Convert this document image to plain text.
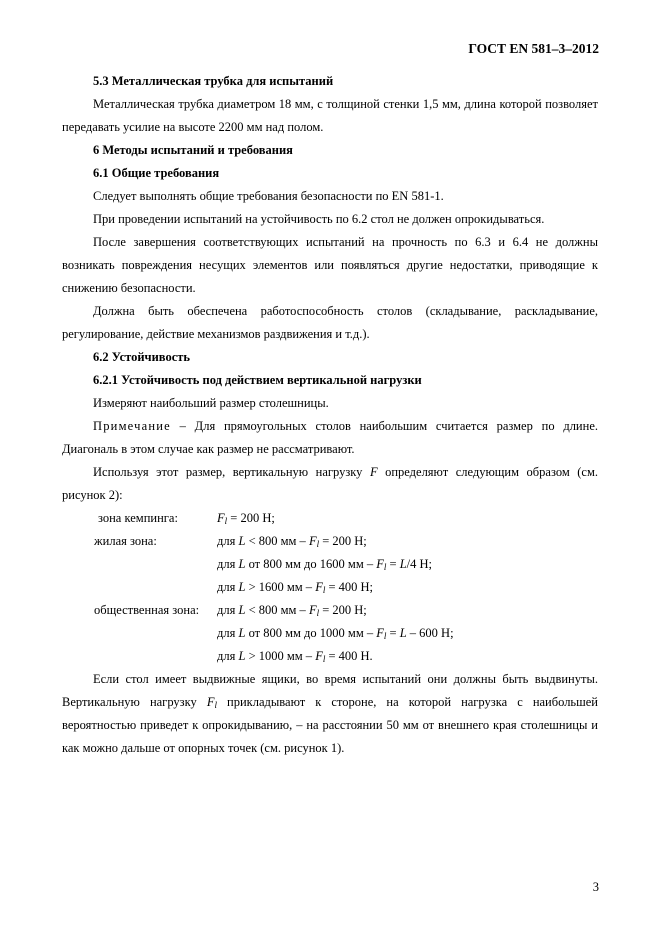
ГОСТ EN 581–3–2012

5.3 Металлическая трубка для испытаний

Металлическая трубка диаметром 18 мм, с толщиной стенки 1,5 мм, длина которой позволяет передавать усилие на высоте 2200 мм над полом.

6 Методы испытаний и требования

6.1 Общие требования

Следует выполнять общие требования безопасности по EN 581-1.

При проведении испытаний на устойчивость по 6.2 стол не должен опрокидываться.

После завершения соответствующих испытаний на прочность по 6.3 и 6.4 не должны возникать повреждения несущих элементов или появляться другие недостатки, приводящие к снижению безопасности.

Должна быть обеспечена работоспособность столов (складывание, раскладывание, регулирование, действие механизмов раздвижения и т.д.).

6.2 Устойчивость

6.2.1 Устойчивость под действием вертикальной нагрузки

Измеряют наибольший размер столешницы.

Примечание – Для прямоугольных столов наибольшим считается размер по длине. Диагональ в этом случае как размер не рассматривают.

Используя этот размер, вертикальную нагрузку F определяют следующим образом (см. рисунок 2):

зона кемпинга:	$F_l = 200$ Н;
жилая зона:	для L < 800 мм – $F_l = 200$ Н;
для L от 800 мм до 1600 мм – $F_l = L/4$ Н;
для L > 1600 мм – $F_l = 400$ Н;
общественная зона:	для L < 800 мм – $F_l = 200$ Н;
для L от 800 мм до 1000 мм – $F_l = L - 600$ Н;
для L > 1000 мм – $F_l = 400$ Н.

Если стол имеет выдвижные ящики, во время испытаний они должны быть выдвинуты. Вертикальную нагрузку $F_l$ прикладывают к стороне, на которой нагрузка с наибольшей вероятностью приведет к опрокидыванию, – на расстоянии 50 мм от внешнего края столешницы и как можно дальше от опорных точек (см. рисунок 1).

3
